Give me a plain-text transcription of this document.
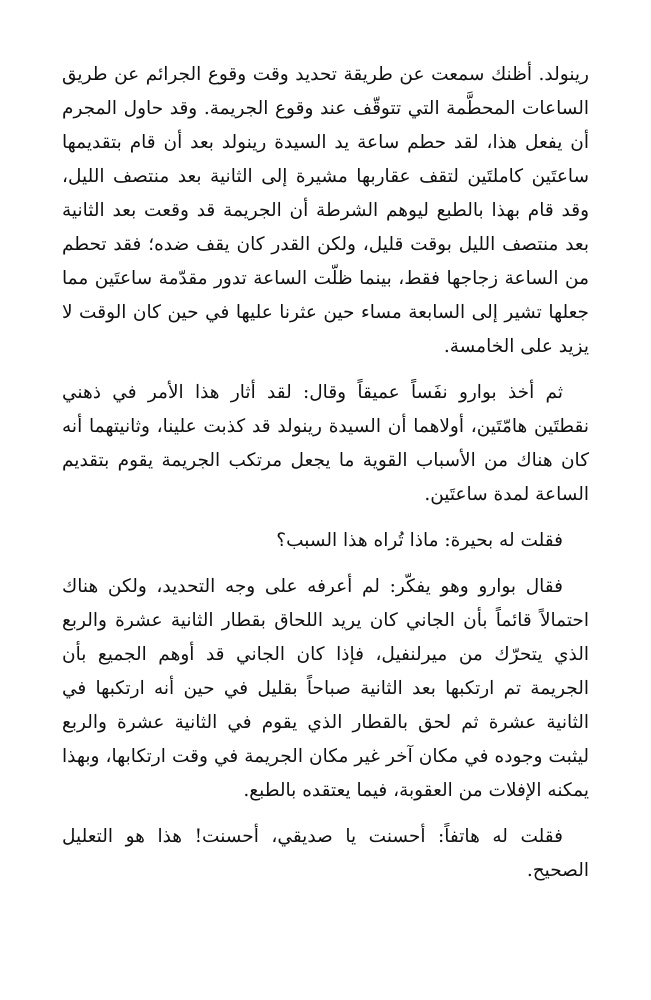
رينولد. أظنك سمعت عن طريقة تحديد وقت وقوع الجرائم عن طريق الساعات المحطَّمة التي تتوقّف عند وقوع الجريمة. وقد حاول المجرم أن يفعل هذا، لقد حطم ساعة يد السيدة رينولد بعد أن قام بتقديمها ساعتَين كاملتَين لتقف عقاربها مشيرة إلى الثانية بعد منتصف الليل، وقد قام بهذا بالطبع ليوهم الشرطة أن الجريمة قد وقعت بعد الثانية بعد منتصف الليل بوقت قليل، ولكن القدر كان يقف ضده؛ فقد تحطم من الساعة زجاجها فقط، بينما ظلّت الساعة تدور مقدّمة ساعتَين مما جعلها تشير إلى السابعة مساء حين عثرنا عليها في حين كان الوقت لا يزيد على الخامسة.

ثم أخذ بوارو نفَساً عميقاً وقال: لقد أثار هذا الأمر في ذهني نقطتَين هامّتَين، أولاهما أن السيدة رينولد قد كذبت علينا، وثانيتهما أنه كان هناك من الأسباب القوية ما يجعل مرتكب الجريمة يقوم بتقديم الساعة لمدة ساعتَين.

فقلت له بحيرة: ماذا تُراه هذا السبب؟

فقال بوارو وهو يفكّر: لم أعرفه على وجه التحديد، ولكن هناك احتمالاً قائماً بأن الجاني كان يريد اللحاق بقطار الثانية عشرة والربع الذي يتحرّك من ميرلنفيل، فإذا كان الجاني قد أوهم الجميع بأن الجريمة تم ارتكبها بعد الثانية صباحاً بقليل في حين أنه ارتكبها في الثانية عشرة ثم لحق بالقطار الذي يقوم في الثانية عشرة والربع ليثبت وجوده في مكان آخر غير مكان الجريمة في وقت ارتكابها، وبهذا يمكنه الإفلات من العقوبة، فيما يعتقده بالطبع.

فقلت له هاتفاً: أحسنت يا صديقي، أحسنت! هذا هو التعليل الصحيح.
